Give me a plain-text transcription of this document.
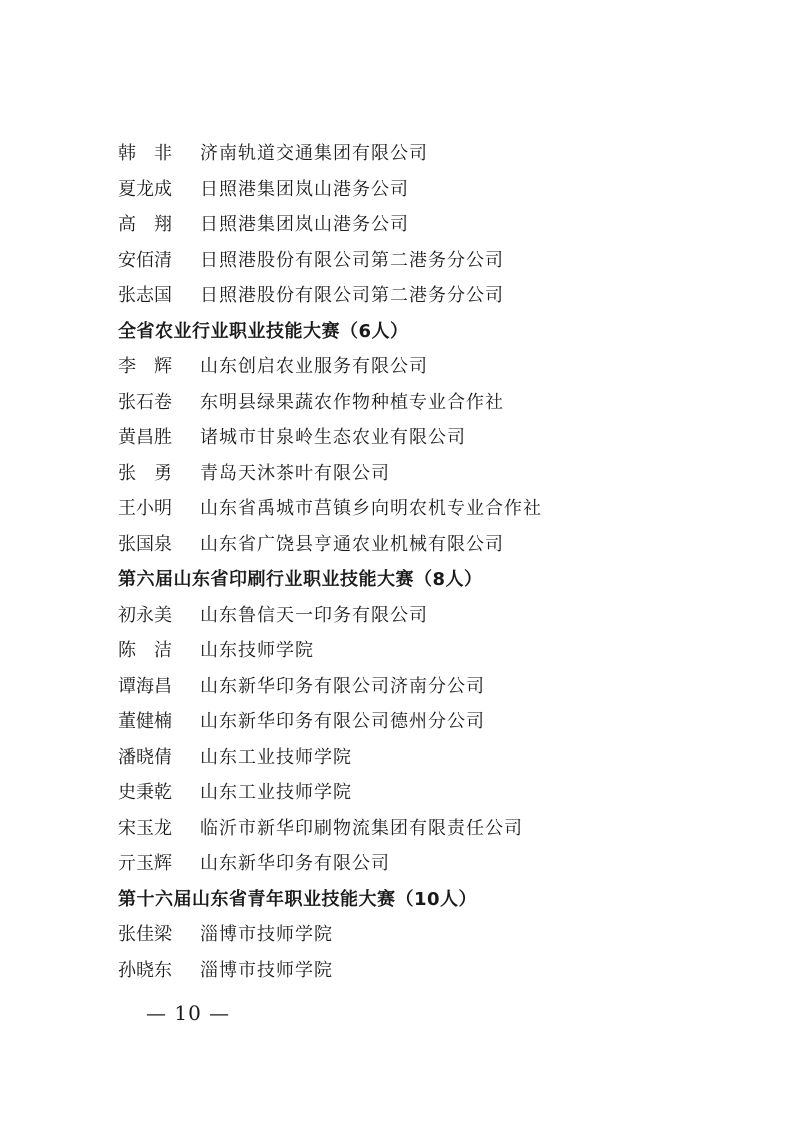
韩　非 济南轨道交通集团有限公司
夏龙成 日照港集团岚山港务公司
高　翔 日照港集团岚山港务公司
安佰清 日照港股份有限公司第二港务分公司
张志国 日照港股份有限公司第二港务分公司
全省农业行业职业技能大赛（6人）
李　辉 山东创启农业服务有限公司
张石卷 东明县绿果蔬农作物种植专业合作社
黄昌胜 诸城市甘泉岭生态农业有限公司
张　勇 青岛天沐茶叶有限公司
王小明 山东省禹城市莒镇乡向明农机专业合作社
张国泉 山东省广饶县亨通农业机械有限公司
第六届山东省印刷行业职业技能大赛（8人）
初永美 山东鲁信天一印务有限公司
陈　洁 山东技师学院
谭海昌 山东新华印务有限公司济南分公司
董健楠 山东新华印务有限公司德州分公司
潘晓倩 山东工业技师学院
史秉乾 山东工业技师学院
宋玉龙 临沂市新华印刷物流集团有限责任公司
亓玉辉 山东新华印务有限公司
第十六届山东省青年职业技能大赛（10人）
张佳梁 淄博市技师学院
孙晓东 淄博市技师学院
— 10 —
